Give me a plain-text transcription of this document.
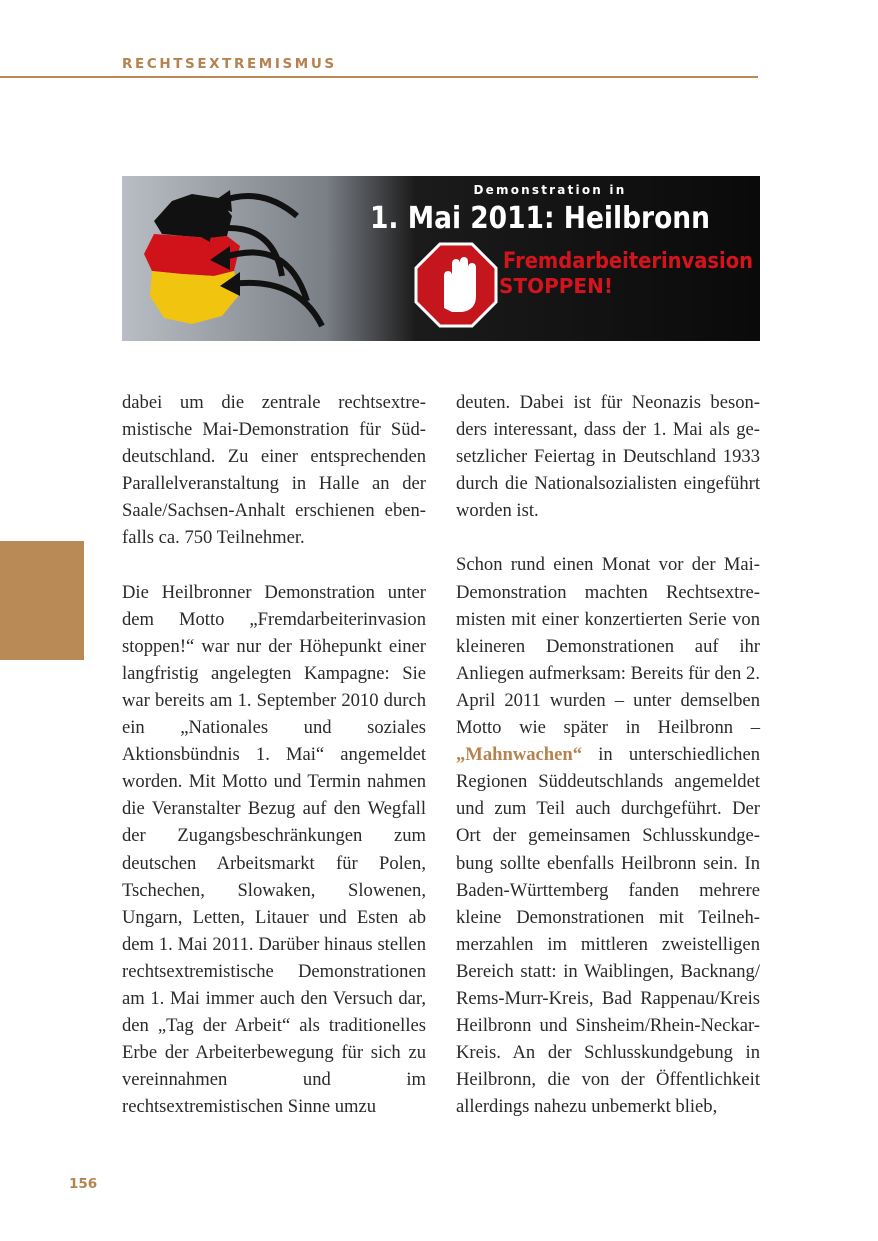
RECHTSEXTREMISMUS
Demonstration in
1. Mai 2011: Heilbronn
Fremdarbeiterinvasion
STOPPEN!

dabei um die zentrale rechtsextremistische Mai-Demonstration für Süddeutschland. Zu einer entsprechenden Parallelveranstaltung in Halle an der Saale/Sachsen-Anhalt erschienen ebenfalls ca. 750 Teilnehmer.

Die Heilbronner Demonstration unter dem Motto „Fremdarbeiterinvasion stoppen!“ war nur der Höhepunkt einer langfristig angelegten Kampagne: Sie war bereits am 1. September 2010 durch ein „Nationales und soziales Aktionsbündnis 1. Mai“ angemeldet worden. Mit Motto und Termin nahmen die Veranstalter Bezug auf den Wegfall der Zugangsbeschränkungen zum deutschen Arbeitsmarkt für Polen, Tschechen, Slowaken, Slowenen, Ungarn, Letten, Litauer und Esten ab dem 1. Mai 2011. Darüber hinaus stellen rechtsextremistische Demonstrationen am 1. Mai immer auch den Versuch dar, den „Tag der Arbeit“ als traditionelles Erbe der Arbeiterbewegung für sich zu vereinnahmen und im rechtsextremistischen Sinne umzu

deuten. Dabei ist für Neonazis besonders interessant, dass der 1. Mai als gesetzlicher Feiertag in Deutschland 1933 durch die Nationalsozialisten eingeführt worden ist.

Schon rund einen Monat vor der Mai-Demonstration machten Rechtsextremisten mit einer konzertierten Serie von kleineren Demonstrationen auf ihr Anliegen aufmerksam: Bereits für den 2. April 2011 wurden – unter demselben Motto wie später in Heilbronn – „Mahnwachen“ in unterschiedlichen Regionen Süddeutschlands angemeldet und zum Teil auch durchgeführt. Der Ort der gemeinsamen Schlusskundgebung sollte ebenfalls Heilbronn sein. In Baden-Württemberg fanden mehrere kleine Demonstrationen mit Teilnehmerzahlen im mittleren zweistelligen Bereich statt: in Waiblingen, Backnang/ Rems-Murr-Kreis, Bad Rappenau/Kreis Heilbronn und Sinsheim/Rhein-Neckar-Kreis. An der Schlusskundgebung in Heilbronn, die von der Öffentlichkeit allerdings nahezu unbemerkt blieb,

156
